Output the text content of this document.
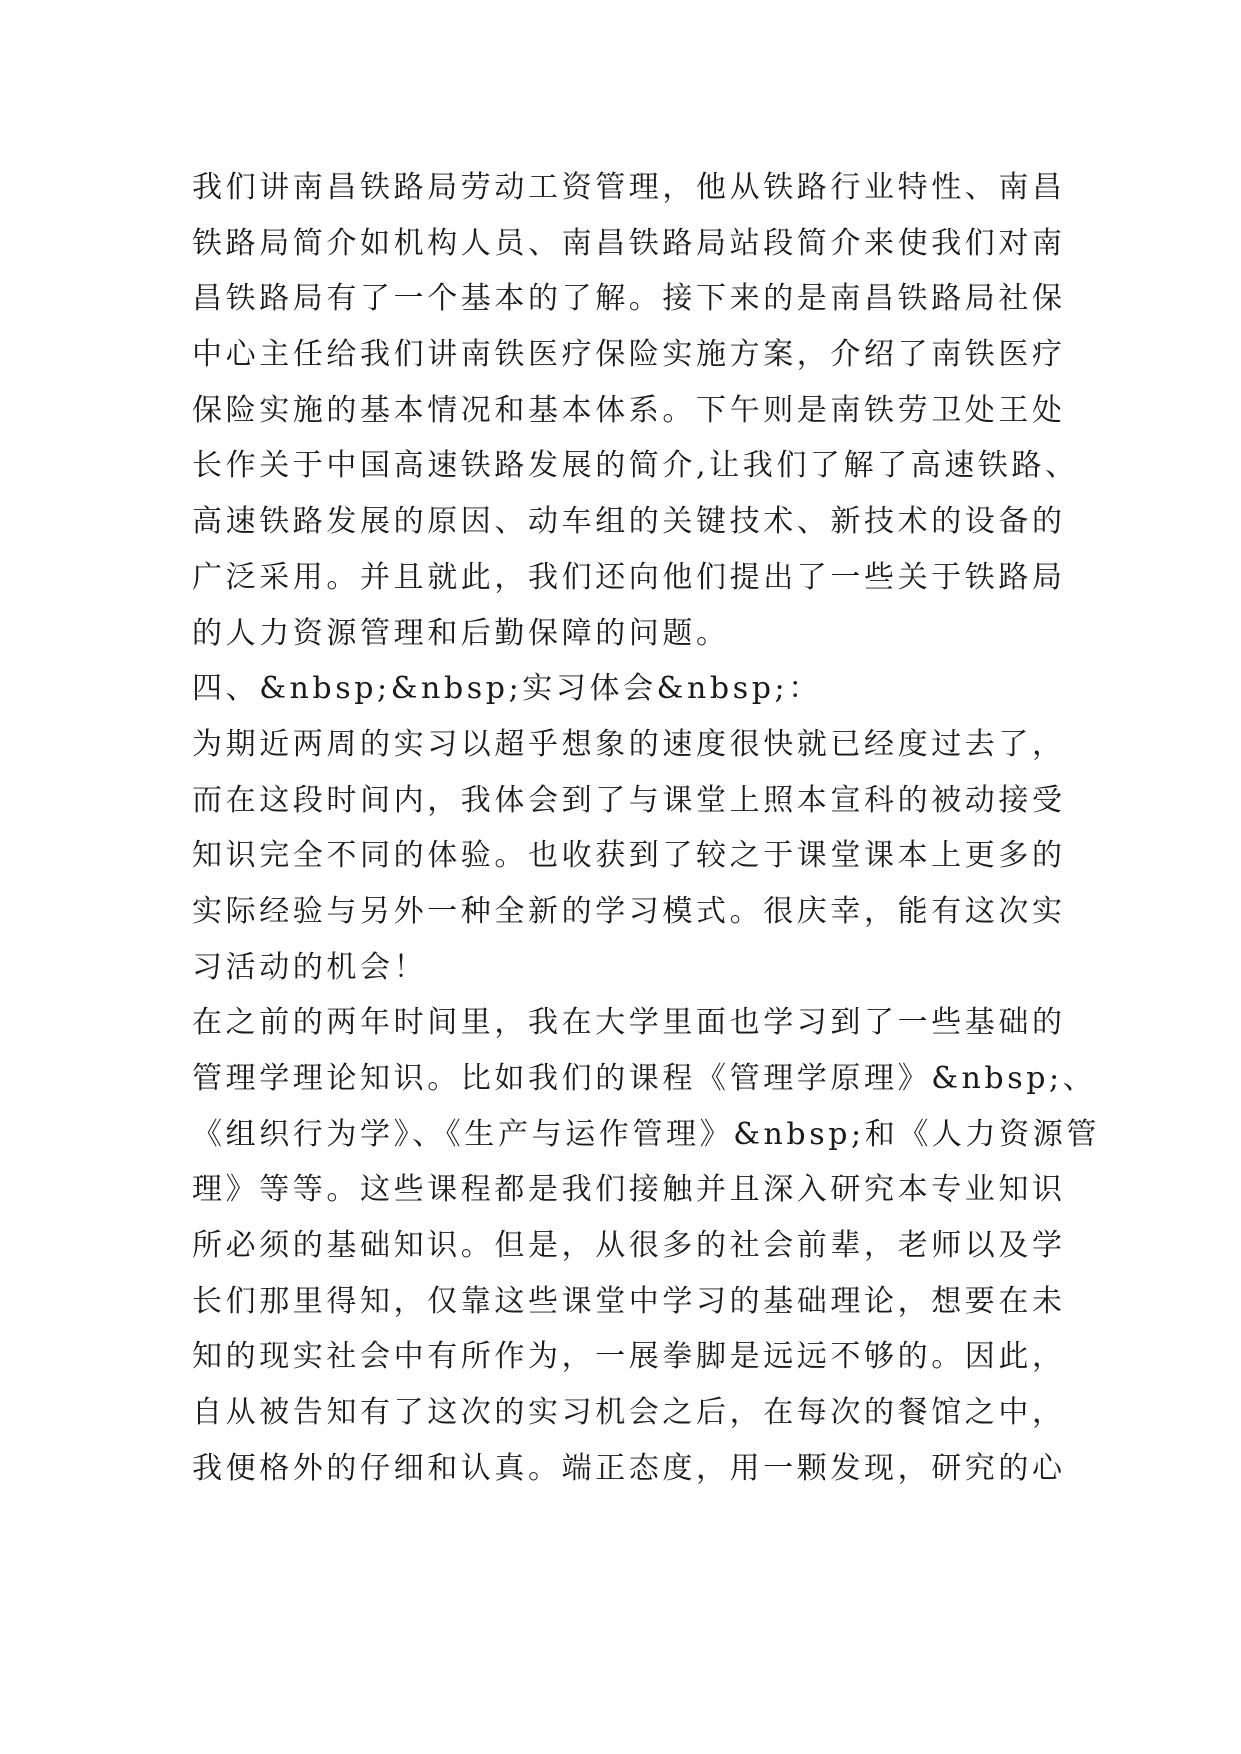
我们讲南昌铁路局劳动工资管理，他从铁路行业特性、南昌
铁路局简介如机构人员、南昌铁路局站段简介来使我们对南
昌铁路局有了一个基本的了解。接下来的是南昌铁路局社保
中心主任给我们讲南铁医疗保险实施方案，介绍了南铁医疗
保险实施的基本情况和基本体系。下午则是南铁劳卫处王处
长作关于中国高速铁路发展的简介,让我们了解了高速铁路、
高速铁路发展的原因、动车组的关键技术、新技术的设备的
广泛采用。并且就此，我们还向他们提出了一些关于铁路局
的人力资源管理和后勤保障的问题。
四、&nbsp;&nbsp;实习体会&nbsp;：
为期近两周的实习以超乎想象的速度很快就已经度过去了，
而在这段时间内，我体会到了与课堂上照本宣科的被动接受
知识完全不同的体验。也收获到了较之于课堂课本上更多的
实际经验与另外一种全新的学习模式。很庆幸，能有这次实
习活动的机会！
在之前的两年时间里，我在大学里面也学习到了一些基础的
管理学理论知识。比如我们的课程《管理学原理》&nbsp;、
《组织行为学》、《生产与运作管理》&nbsp;和《人力资源管
理》等等。这些课程都是我们接触并且深入研究本专业知识
所必须的基础知识。但是，从很多的社会前辈，老师以及学
长们那里得知，仅靠这些课堂中学习的基础理论，想要在未
知的现实社会中有所作为，一展拳脚是远远不够的。因此，
自从被告知有了这次的实习机会之后，在每次的餐馆之中，
我便格外的仔细和认真。端正态度，用一颗发现，研究的心
